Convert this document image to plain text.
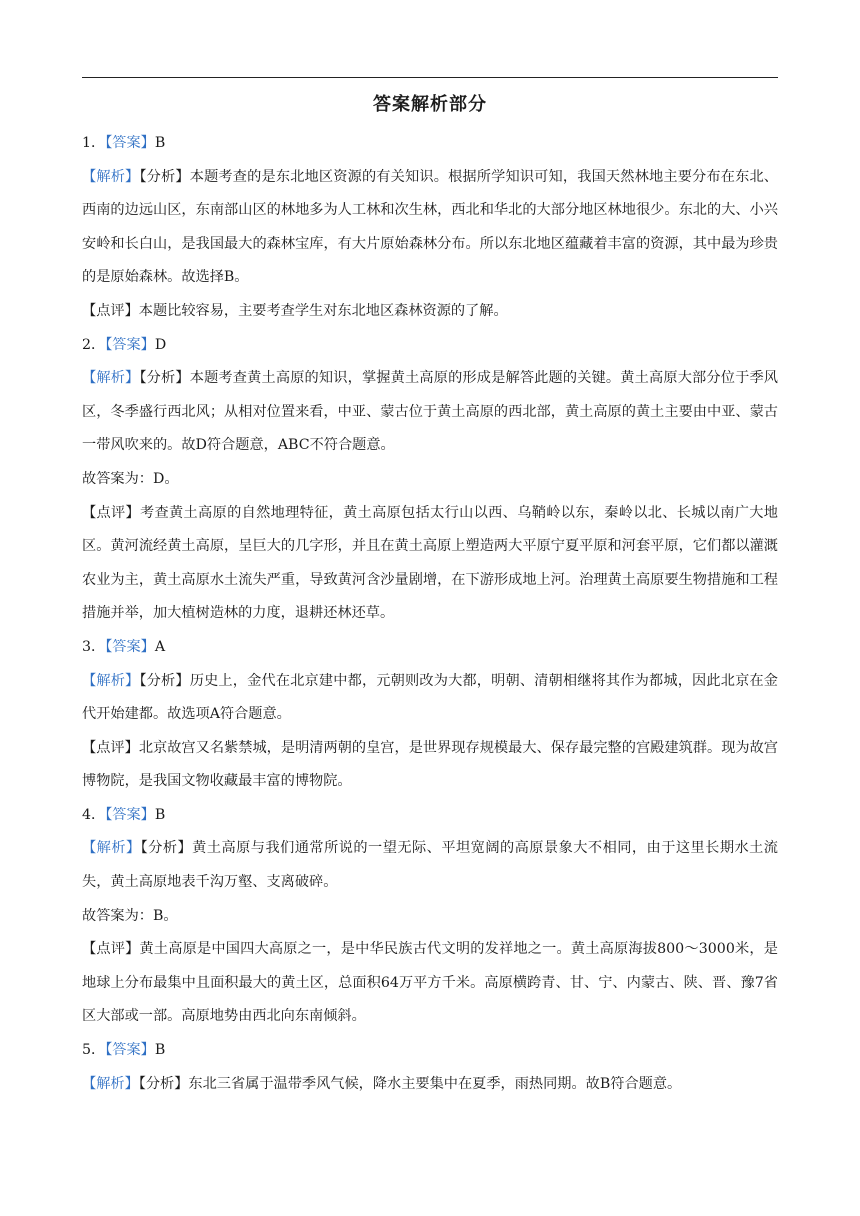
答案解析部分

1．【答案】B

【解析】【分析】本题考查的是东北地区资源的有关知识。根据所学知识可知，我国天然林地主要分布在东北、西南的边远山区，东南部山区的林地多为人工林和次生林，西北和华北的大部分地区林地很少。东北的大、小兴安岭和长白山，是我国最大的森林宝库，有大片原始森林分布。所以东北地区蕴藏着丰富的资源，其中最为珍贵的是原始森林。故选择B。

【点评】本题比较容易，主要考查学生对东北地区森林资源的了解。

2．【答案】D

【解析】【分析】本题考查黄土高原的知识，掌握黄土高原的形成是解答此题的关键。黄土高原大部分位于季风区，冬季盛行西北风；从相对位置来看，中亚、蒙古位于黄土高原的西北部，黄土高原的黄土主要由中亚、蒙古一带风吹来的。故D符合题意，ABC不符合题意。

故答案为：D。

【点评】考查黄土高原的自然地理特征，黄土高原包括太行山以西、乌鞘岭以东，秦岭以北、长城以南广大地区。黄河流经黄土高原，呈巨大的几字形，并且在黄土高原上塑造两大平原宁夏平原和河套平原，它们都以灌溉农业为主，黄土高原水土流失严重，导致黄河含沙量剧增，在下游形成地上河。治理黄土高原要生物措施和工程措施并举，加大植树造林的力度，退耕还林还草。

3．【答案】A

【解析】【分析】历史上，金代在北京建中都，元朝则改为大都，明朝、清朝相继将其作为都城，因此北京在金代开始建都。故选项A符合题意。

【点评】北京故宫又名紫禁城，是明清两朝的皇宫，是世界现存规模最大、保存最完整的宫殿建筑群。现为故宫博物院，是我国文物收藏最丰富的博物院。

4．【答案】B

【解析】【分析】黄土高原与我们通常所说的一望无际、平坦宽阔的高原景象大不相同，由于这里长期水土流失，黄土高原地表千沟万壑、支离破碎。

故答案为：B。

【点评】黄土高原是中国四大高原之一，是中华民族古代文明的发祥地之一。黄土高原海拔800～3000米，是地球上分布最集中且面积最大的黄土区，总面积64万平方千米。高原横跨青、甘、宁、内蒙古、陕、晋、豫7省区大部或一部。高原地势由西北向东南倾斜。

5．【答案】B

【解析】【分析】东北三省属于温带季风气候，降水主要集中在夏季，雨热同期。故B符合题意。
